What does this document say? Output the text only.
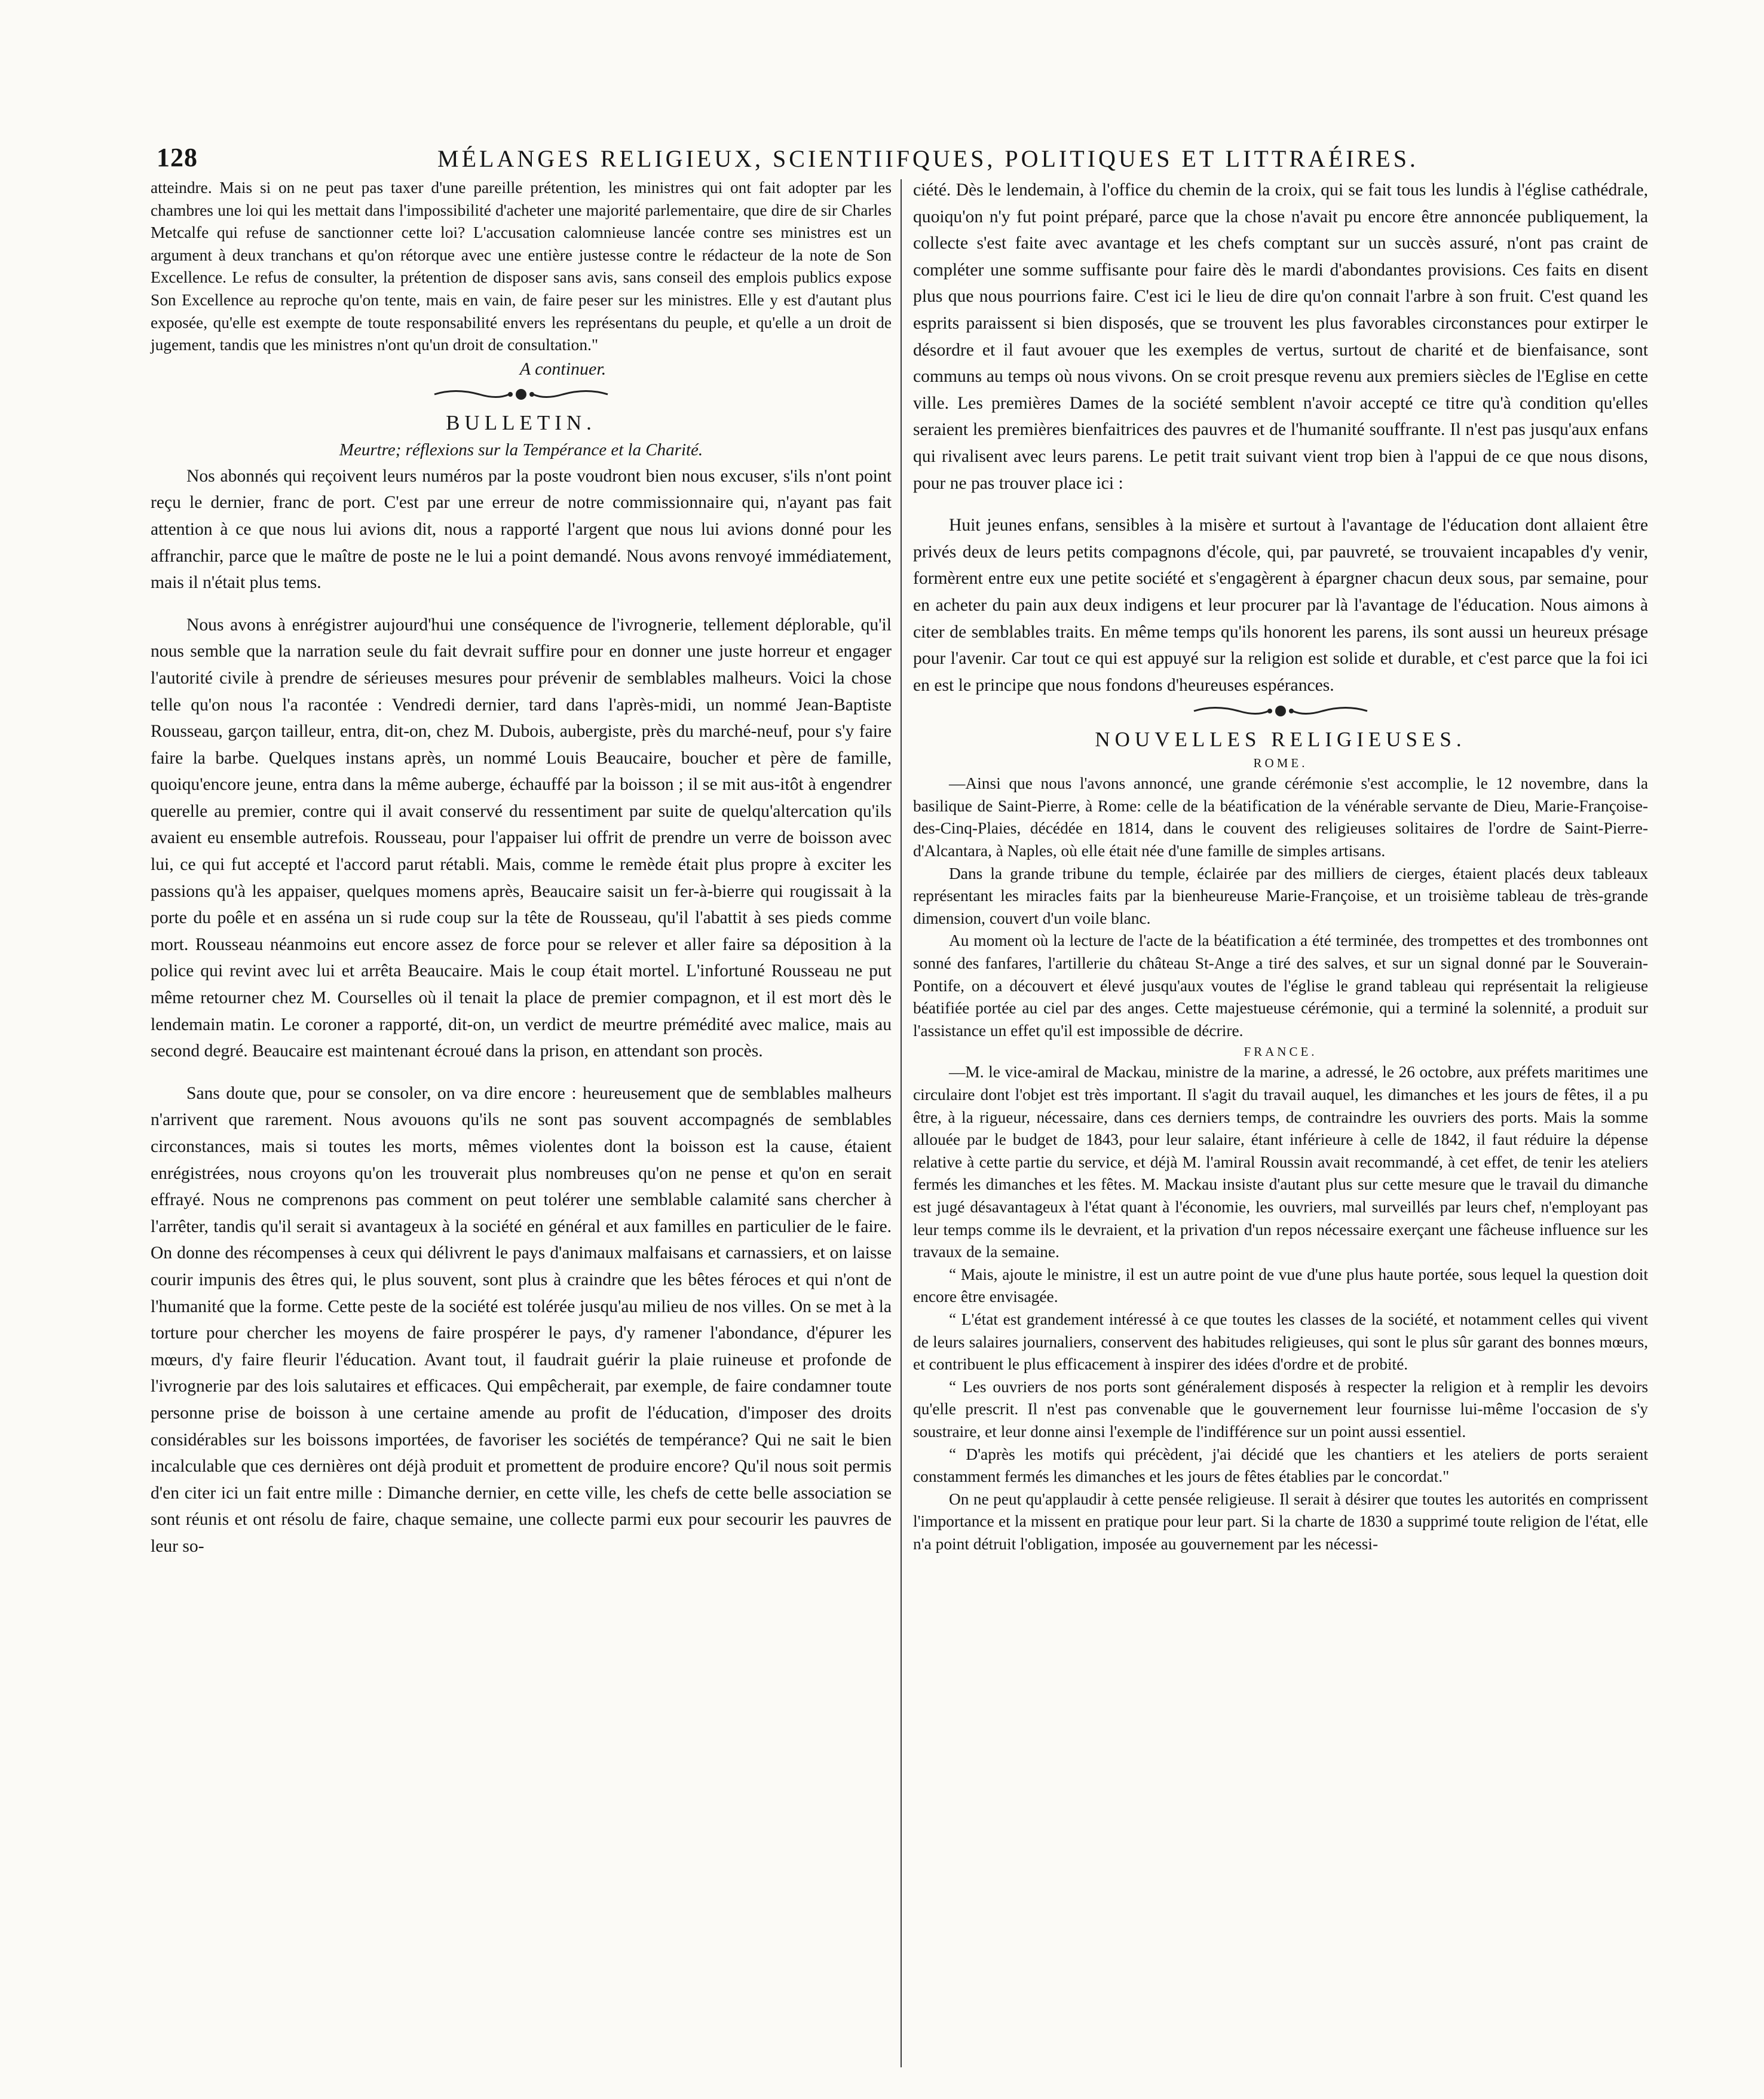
128	MÉLANGES RELIGIEUX, SCIENTIIFQUES, POLITIQUES ET LITTRAÉIRES.

atteindre. Mais si on ne peut pas taxer d'une pareille prétention, les ministres qui ont fait adopter par les chambres une loi qui les mettait dans l'impossibilité d'acheter une majorité parlementaire, que dire de sir Charles Metcalfe qui refuse de sanctionner cette loi? L'accusation calomnieuse lancée contre ses ministres est un argument à deux tranchans et qu'on rétorque avec une entière justesse contre le rédacteur de la note de Son Excellence. Le refus de consulter, la prétention de disposer sans avis, sans conseil des emplois publics expose Son Excellence au reproche qu'on tente, mais en vain, de faire peser sur les ministres. Elle y est d'autant plus exposée, qu'elle est exempte de toute responsabilité envers les représentans du peuple, et qu'elle a un droit de jugement, tandis que les ministres n'ont qu'un droit de consultation."

A continuer.
BULLETIN.
Meurtre; réflexions sur la Tempérance et la Charité.

Nos abonnés qui reçoivent leurs numéros par la poste voudront bien nous excuser, s'ils n'ont point reçu le dernier, franc de port. C'est par une erreur de notre commissionnaire qui, n'ayant pas fait attention à ce que nous lui avions dit, nous a rapporté l'argent que nous lui avions donné pour les affranchir, parce que le maître de poste ne le lui a point demandé. Nous avons renvoyé immédiatement, mais il n'était plus tems.

Nous avons à enrégistrer aujourd'hui une conséquence de l'ivrognerie, tellement déplorable, qu'il nous semble que la narration seule du fait devrait suffire pour en donner une juste horreur et engager l'autorité civile à prendre de sérieuses mesures pour prévenir de semblables malheurs. Voici la chose telle qu'on nous l'a racontée : Vendredi dernier, tard dans l'après-midi, un nommé Jean-Baptiste Rousseau, garçon tailleur, entra, dit-on, chez M. Dubois, aubergiste, près du marché-neuf, pour s'y faire faire la barbe. Quelques instans après, un nommé Louis Beaucaire, boucher et père de famille, quoiqu'encore jeune, entra dans la même auberge, échauffé par la boisson ; il se mit aus-itôt à engendrer querelle au premier, contre qui il avait conservé du ressentiment par suite de quelqu'altercation qu'ils avaient eu ensemble autrefois. Rousseau, pour l'appaiser lui offrit de prendre un verre de boisson avec lui, ce qui fut accepté et l'accord parut rétabli. Mais, comme le remède était plus propre à exciter les passions qu'à les appaiser, quelques momens après, Beaucaire saisit un fer-à-bierre qui rougissait à la porte du poêle et en asséna un si rude coup sur la tête de Rousseau, qu'il l'abattit à ses pieds comme mort. Rousseau néanmoins eut encore assez de force pour se relever et aller faire sa déposition à la police qui revint avec lui et arrêta Beaucaire. Mais le coup était mortel. L'infortuné Rousseau ne put même retourner chez M. Courselles où il tenait la place de premier compagnon, et il est mort dès le lendemain matin. Le coroner a rapporté, dit-on, un verdict de meurtre prémédité avec malice, mais au second degré. Beaucaire est maintenant écroué dans la prison, en attendant son procès.

Sans doute que, pour se consoler, on va dire encore : heureusement que de semblables malheurs n'arrivent que rarement. Nous avouons qu'ils ne sont pas souvent accompagnés de semblables circonstances, mais si toutes les morts, mêmes violentes dont la boisson est la cause, étaient enrégistrées, nous croyons qu'on les trouverait plus nombreuses qu'on ne pense et qu'on en serait effrayé. Nous ne comprenons pas comment on peut tolérer une semblable calamité sans chercher à l'arrêter, tandis qu'il serait si avantageux à la société en général et aux familles en particulier de le faire. On donne des récompenses à ceux qui délivrent le pays d'animaux malfaisans et carnassiers, et on laisse courir impunis des êtres qui, le plus souvent, sont plus à craindre que les bêtes féroces et qui n'ont de l'humanité que la forme. Cette peste de la société est tolérée jusqu'au milieu de nos villes. On se met à la torture pour chercher les moyens de faire prospérer le pays, d'y ramener l'abondance, d'épurer les mœurs, d'y faire fleurir l'éducation. Avant tout, il faudrait guérir la plaie ruineuse et profonde de l'ivrognerie par des lois salutaires et efficaces. Qui empêcherait, par exemple, de faire condamner toute personne prise de boisson à une certaine amende au profit de l'éducation, d'imposer des droits considérables sur les boissons importées, de favoriser les sociétés de tempérance? Qui ne sait le bien incalculable que ces dernières ont déjà produit et promettent de produire encore? Qu'il nous soit permis d'en citer ici un fait entre mille : Dimanche dernier, en cette ville, les chefs de cette belle association se sont réunis et ont résolu de faire, chaque semaine, une collecte parmi eux pour secourir les pauvres de leur so-

ciété. Dès le lendemain, à l'office du chemin de la croix, qui se fait tous les lundis à l'église cathédrale, quoiqu'on n'y fut point préparé, parce que la chose n'avait pu encore être annoncée publiquement, la collecte s'est faite avec avantage et les chefs comptant sur un succès assuré, n'ont pas craint de compléter une somme suffisante pour faire dès le mardi d'abondantes provisions. Ces faits en disent plus que nous pourrions faire. C'est ici le lieu de dire qu'on connait l'arbre à son fruit. C'est quand les esprits paraissent si bien disposés, que se trouvent les plus favorables circonstances pour extirper le désordre et il faut avouer que les exemples de vertus, surtout de charité et de bienfaisance, sont communs au temps où nous vivons. On se croit presque revenu aux premiers siècles de l'Eglise en cette ville. Les premières Dames de la société semblent n'avoir accepté ce titre qu'à condition qu'elles seraient les premières bienfaitrices des pauvres et de l'humanité souffrante. Il n'est pas jusqu'aux enfans qui rivalisent avec leurs parens. Le petit trait suivant vient trop bien à l'appui de ce que nous disons, pour ne pas trouver place ici :

Huit jeunes enfans, sensibles à la misère et surtout à l'avantage de l'éducation dont allaient être privés deux de leurs petits compagnons d'école, qui, par pauvreté, se trouvaient incapables d'y venir, formèrent entre eux une petite société et s'engagèrent à épargner chacun deux sous, par semaine, pour en acheter du pain aux deux indigens et leur procurer par là l'avantage de l'éducation. Nous aimons à citer de semblables traits. En même temps qu'ils honorent les parens, ils sont aussi un heureux présage pour l'avenir. Car tout ce qui est appuyé sur la religion est solide et durable, et c'est parce que la foi ici en est le principe que nous fondons d'heureuses espérances.

NOUVELLES RELIGIEUSES.
ROME.

—Ainsi que nous l'avons annoncé, une grande cérémonie s'est accomplie, le 12 novembre, dans la basilique de Saint-Pierre, à Rome: celle de la béatification de la vénérable servante de Dieu, Marie-Françoise-des-Cinq-Plaies, décédée en 1814, dans le couvent des religieuses solitaires de l'ordre de Saint-Pierre-d'Alcantara, à Naples, où elle était née d'une famille de simples artisans.

Dans la grande tribune du temple, éclairée par des milliers de cierges, étaient placés deux tableaux représentant les miracles faits par la bienheureuse Marie-Françoise, et un troisième tableau de très-grande dimension, couvert d'un voile blanc.

Au moment où la lecture de l'acte de la béatification a été terminée, des trompettes et des trombonnes ont sonné des fanfares, l'artillerie du château St-Ange a tiré des salves, et sur un signal donné par le Souverain-Pontife, on a découvert et élevé jusqu'aux voutes de l'église le grand tableau qui représentait la religieuse béatifiée portée au ciel par des anges. Cette majestueuse cérémonie, qui a terminé la solennité, a produit sur l'assistance un effet qu'il est impossible de décrire.

FRANCE.

—M. le vice-amiral de Mackau, ministre de la marine, a adressé, le 26 octobre, aux préfets maritimes une circulaire dont l'objet est très important. Il s'agit du travail auquel, les dimanches et les jours de fêtes, il a pu être, à la rigueur, nécessaire, dans ces derniers temps, de contraindre les ouvriers des ports. Mais la somme allouée par le budget de 1843, pour leur salaire, étant inférieure à celle de 1842, il faut réduire la dépense relative à cette partie du service, et déjà M. l'amiral Roussin avait recommandé, à cet effet, de tenir les ateliers fermés les dimanches et les fêtes. M. Mackau insiste d'autant plus sur cette mesure que le travail du dimanche est jugé désavantageux à l'état quant à l'économie, les ouvriers, mal surveillés par leurs chef, n'employant pas leur temps comme ils le devraient, et la privation d'un repos nécessaire exerçant une fâcheuse influence sur les travaux de la semaine.

“ Mais, ajoute le ministre, il est un autre point de vue d'une plus haute portée, sous lequel la question doit encore être envisagée.

“ L'état est grandement intéressé à ce que toutes les classes de la société, et notamment celles qui vivent de leurs salaires journaliers, conservent des habitudes religieuses, qui sont le plus sûr garant des bonnes mœurs, et contribuent le plus efficacement à inspirer des idées d'ordre et de probité.

“ Les ouvriers de nos ports sont généralement disposés à respecter la religion et à remplir les devoirs qu'elle prescrit. Il n'est pas convenable que le gouvernement leur fournisse lui-même l'occasion de s'y soustraire, et leur donne ainsi l'exemple de l'indifférence sur un point aussi essentiel.

“ D'après les motifs qui précèdent, j'ai décidé que les chantiers et les ateliers de ports seraient constamment fermés les dimanches et les jours de fêtes établies par le concordat."

On ne peut qu'applaudir à cette pensée religieuse. Il serait à désirer que toutes les autorités en comprissent l'importance et la missent en pratique pour leur part. Si la charte de 1830 a supprimé toute religion de l'état, elle n'a point détruit l'obligation, imposée au gouvernement par les nécessi-
